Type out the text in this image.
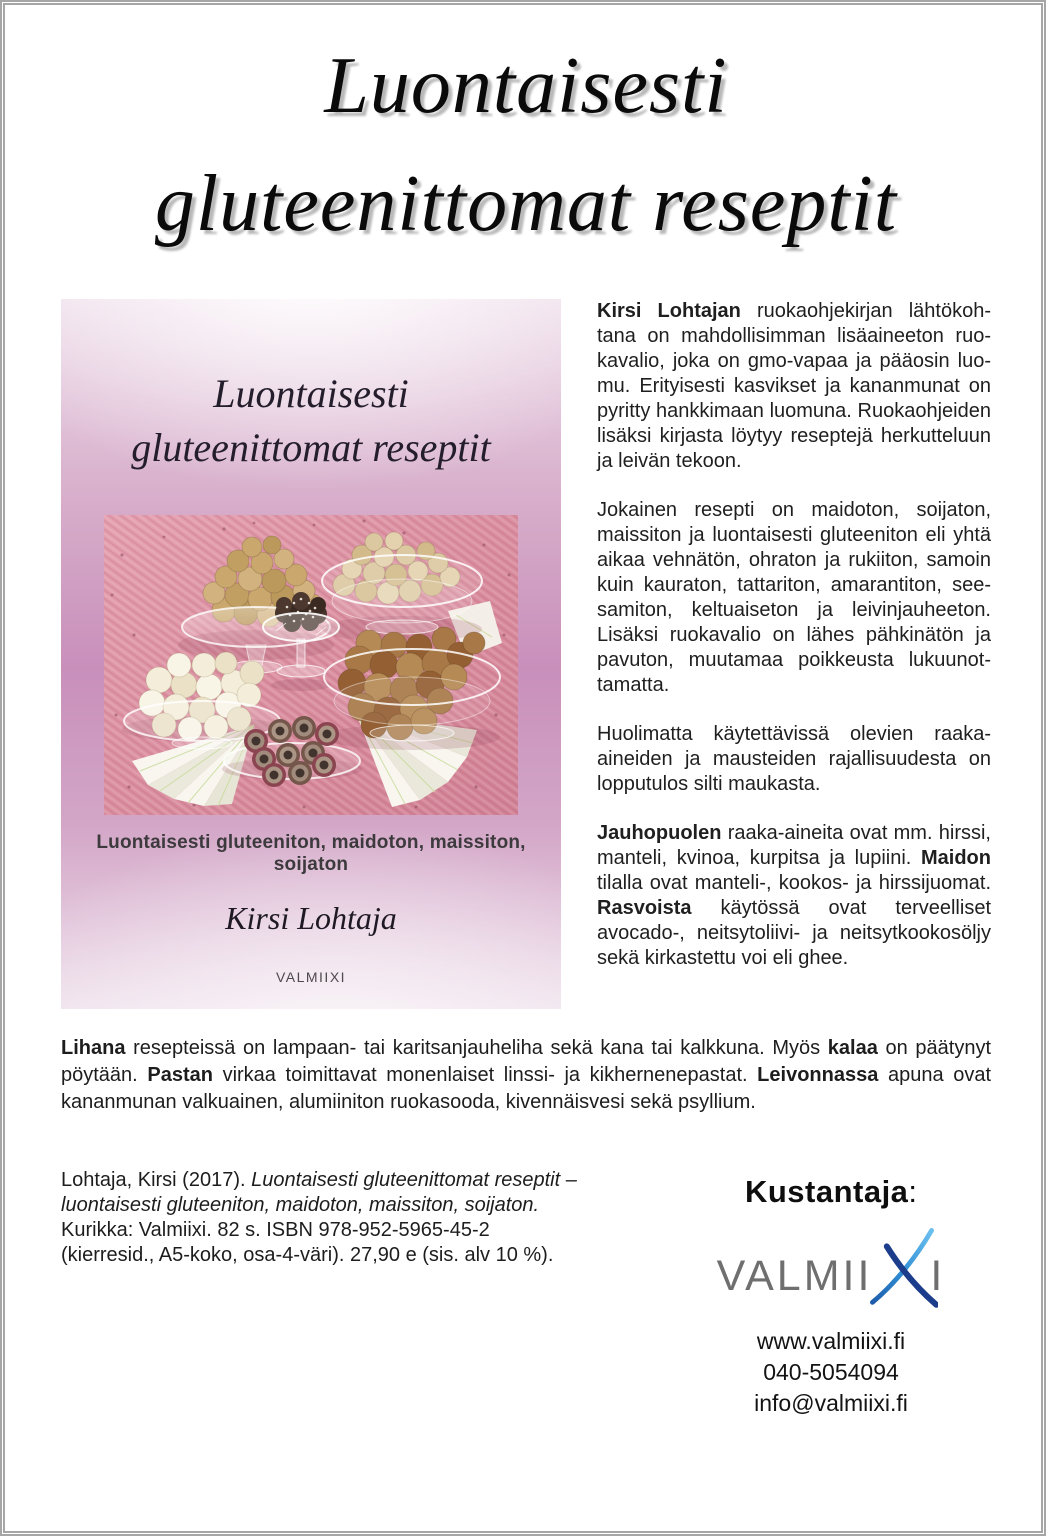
Luontaisesti
gluteenittomat reseptit
Luontaisesti
gluteenittomat reseptit
Luontaisesti gluteeniton, maidoton, maissiton, soijaton
Kirsi Lohtaja
VALMIIXI

Kirsi Lohtajan ruokaohjekirjan lähtökohtana on mahdollisimman lisäaineeton ruokavalio, joka on gmo-vapaa ja pääosin luomu. Erityisesti kasvikset ja kananmunat on pyritty hankkimaan luomuna. Ruokaohjeiden lisäksi kirjasta löytyy reseptejä herkutteluun ja leivän tekoon.

Jokainen resepti on maidoton, soijaton, maissiton ja luontaisesti gluteeniton eli yhtä aikaa vehnätön, ohraton ja rukiiton, samoin kuin kauraton, tattariton, amarantiton, seesamiton, keltuaiseton ja leivinjauheeton. Lisäksi ruokavalio on lähes pähkinätön ja pavuton, muutamaa poikkeusta lukuunottamatta.

Huolimatta käytettävissä olevien raaka-aineiden ja mausteiden rajallisuudesta on lopputulos silti maukasta.

Jauhopuolen raaka-aineita ovat mm. hirssi, manteli, kvinoa, kurpitsa ja lupiini. Maidon tilalla ovat manteli-, kookos- ja hirssijuomat. Rasvoista käytössä ovat terveelliset avocado-, neitsytoliivi- ja neitsytkookosöljy sekä kirkastettu voi eli ghee.

Lihana resepteissä on lampaan- tai karitsanjauheliha sekä kana tai kalkkuna. Myös kalaa on päätynyt pöytään. Pastan virkaa toimittavat monenlaiset linssi- ja kikhernenepastat. Leivonnassa apuna ovat kananmunan valkuainen, alumiiniton ruokasooda, kivennäisvesi sekä psyllium.

Lohtaja, Kirsi (2017). Luontaisesti gluteenittomat reseptit – luontaisesti gluteeniton, maidoton, maissiton, soijaton. Kurikka: Valmiixi. 82 s. ISBN 978-952-5965-45-2 (kierresid., A5-koko, osa-4-väri). 27,90 e (sis. alv 10 %).

Kustantaja:
VALMII I
www.valmiixi.fi
040-5054094
info@valmiixi.fi
